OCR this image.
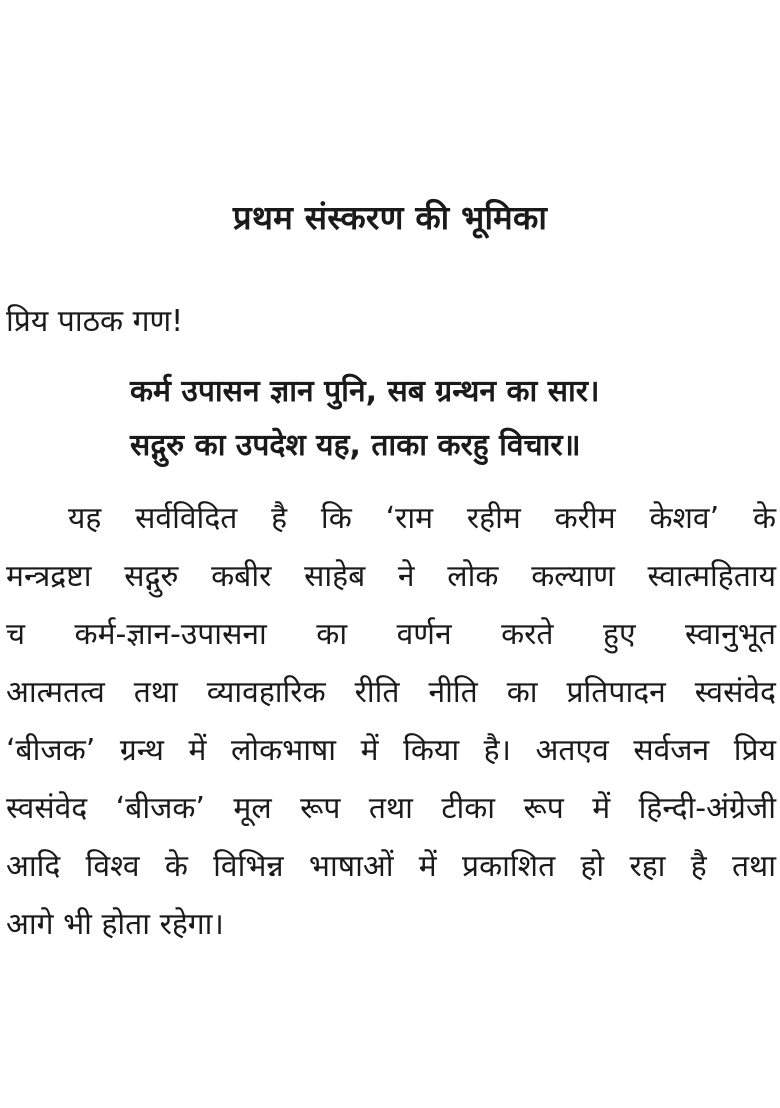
प्रथम संस्करण की भूमिका
प्रिय पाठक गण!
कर्म उपासन ज्ञान पुनि, सब ग्रन्थन का सार।
सद्गुरु का उपदेश यह, ताका करहु विचार॥
यह सर्वविदित है कि ‘राम रहीम करीम केशव’ के
मन्त्रद्रष्टा सद्गुरु कबीर साहेब ने लोक कल्याण स्वात्महिताय
च कर्म-ज्ञान-उपासना का वर्णन करते हुए स्वानुभूत
आत्मतत्व तथा व्यावहारिक रीति नीति का प्रतिपादन स्वसंवेद
‘बीजक’ ग्रन्थ में लोकभाषा में किया है। अतएव सर्वजन प्रिय
स्वसंवेद ‘बीजक’ मूल रूप तथा टीका रूप में हिन्दी-अंग्रेजी
आदि विश्व के विभिन्न भाषाओं में प्रकाशित हो रहा है तथा
आगे भी होता रहेगा।
